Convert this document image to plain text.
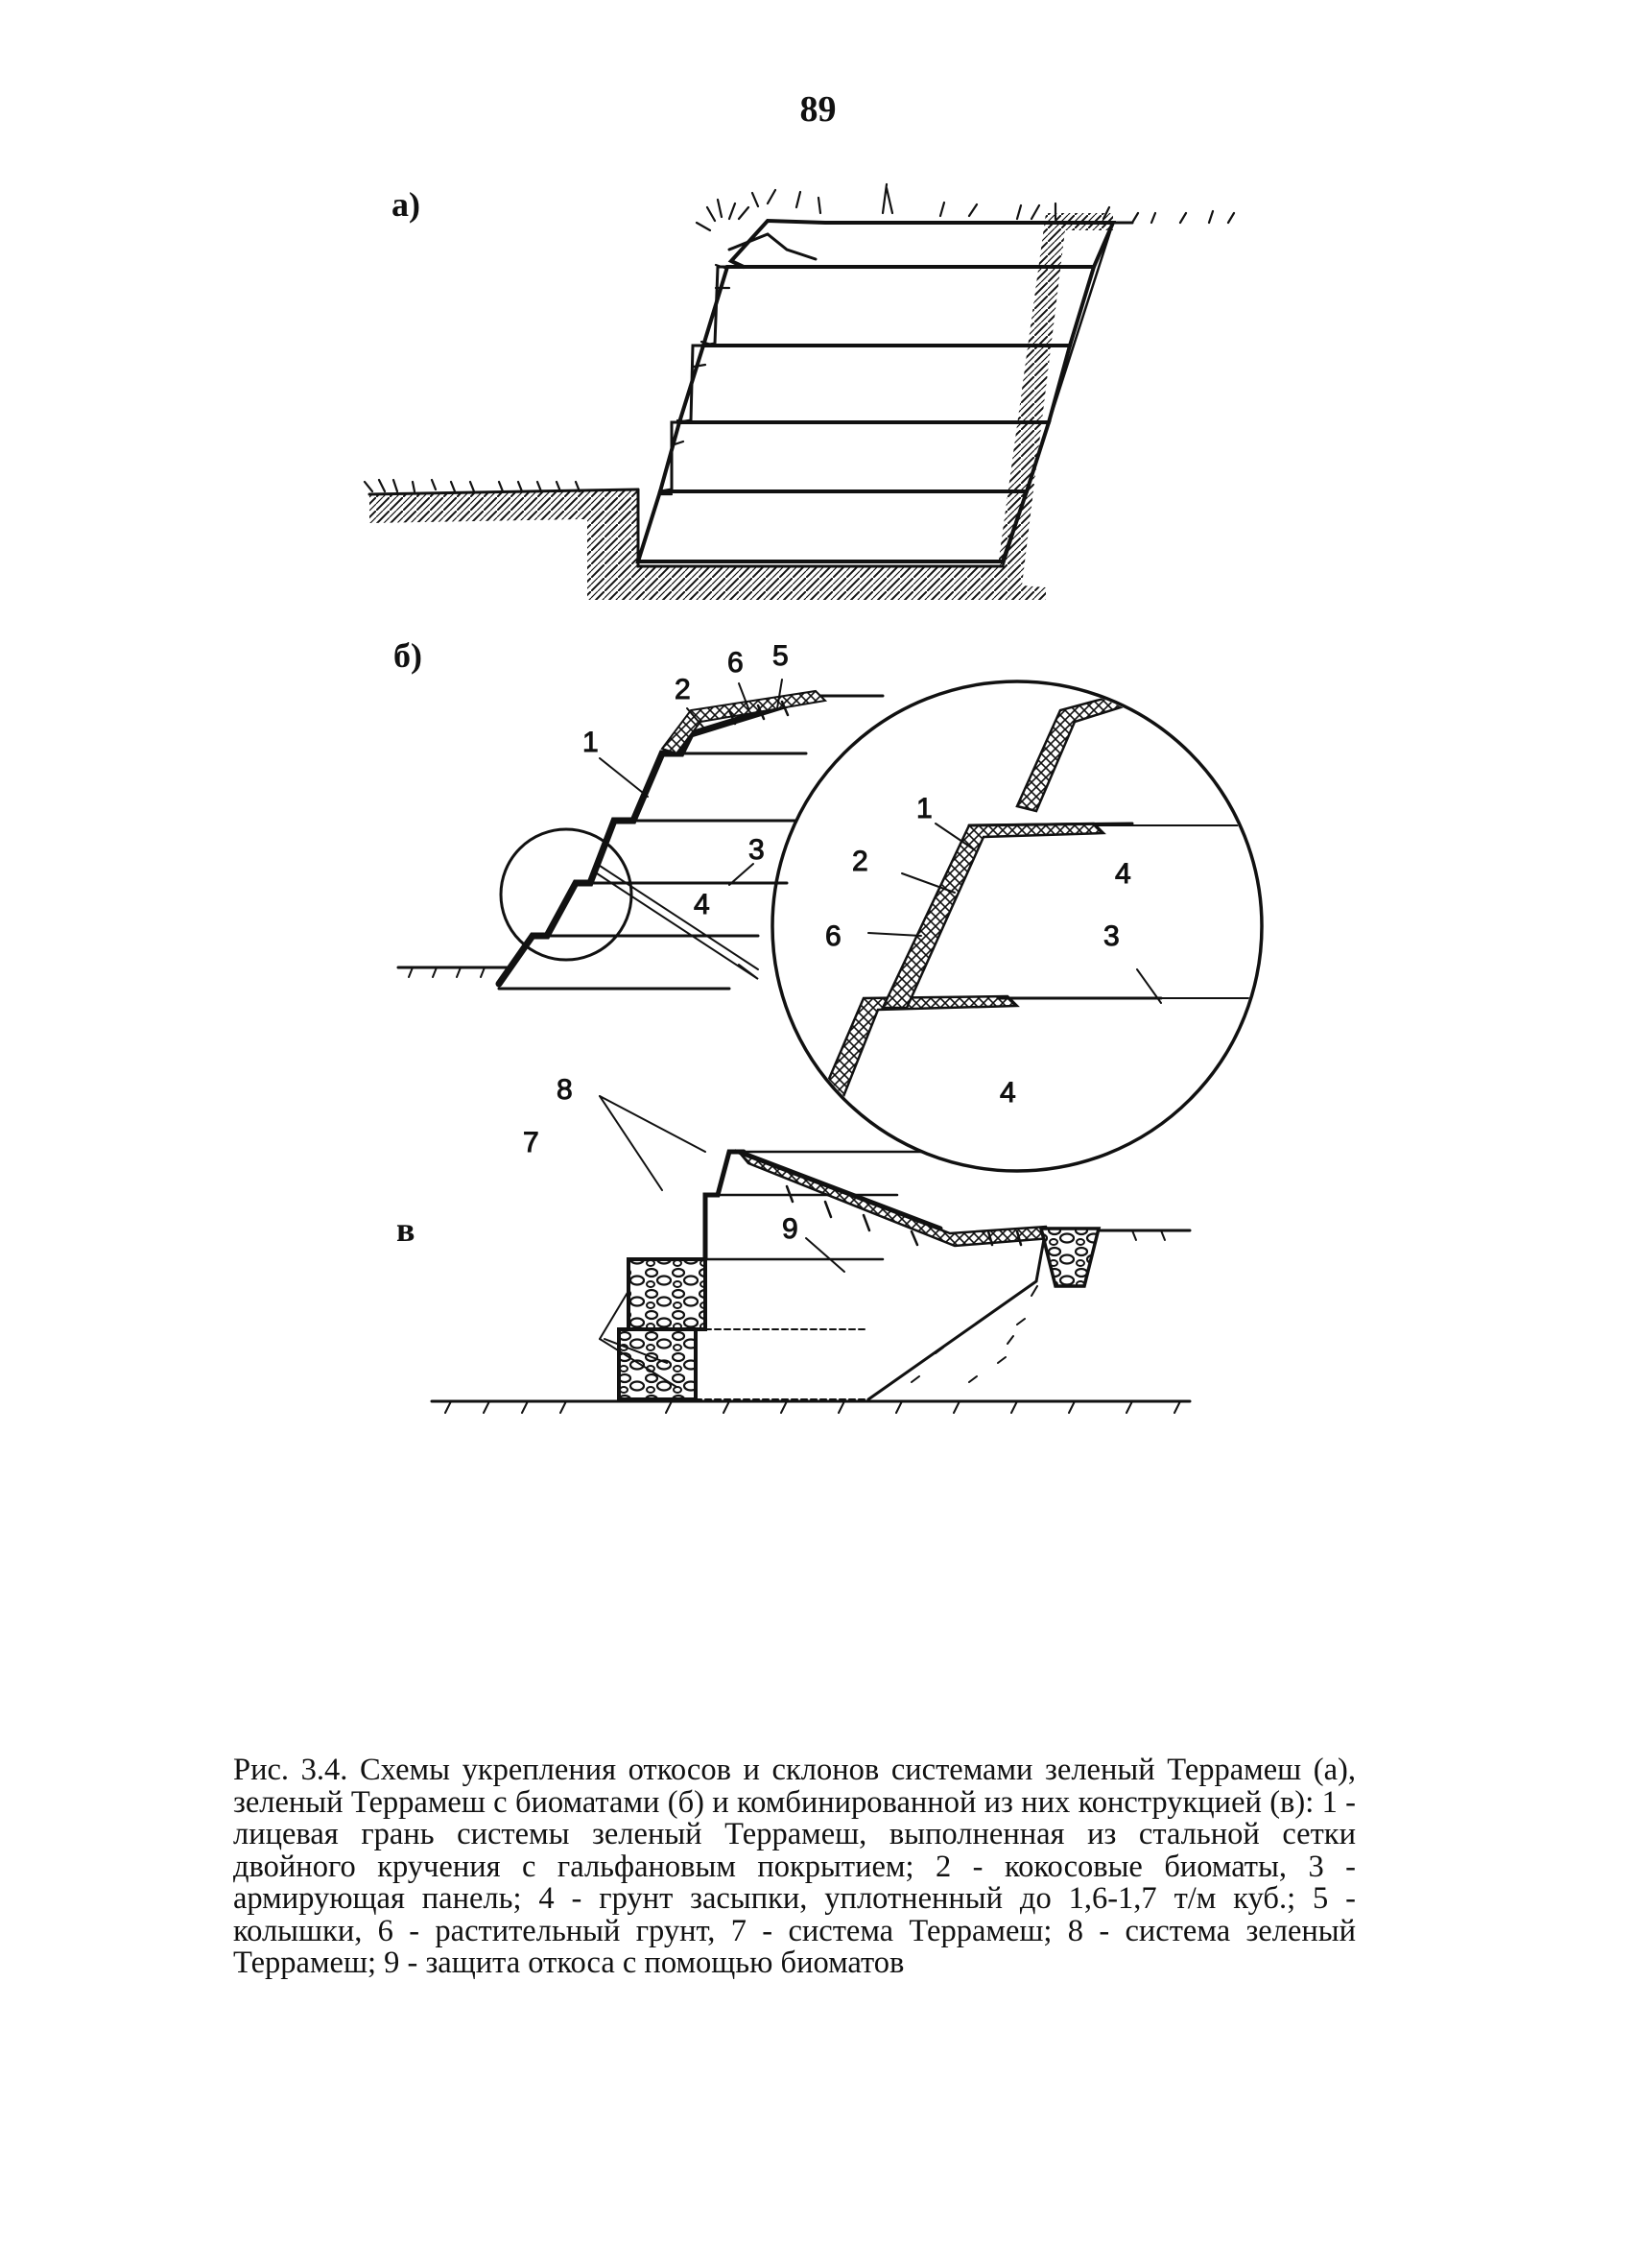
89
а)
б)
в
2
6 5
1
3
4
1
2
6
4
3
4
9
8
7
Рис. 3.4. Схемы укрепления откосов и склонов системами зеленый Террамеш (а), зеленый Террамеш с биоматами (б) и комбинированной из них конструкцией (в): 1 - лицевая грань системы зеленый Террамеш, выполненная из стальной сетки двойного кручения с гальфановым покрытием; 2 - кокосовые биоматы, 3 - армирующая панель; 4 - грунт засыпки, уплотненный до 1,6-1,7 т/м куб.; 5 - колышки, 6 - растительный грунт, 7 - система Террамеш; 8 - система зеленый Террамеш; 9 - защита откоса с помощью биоматов
